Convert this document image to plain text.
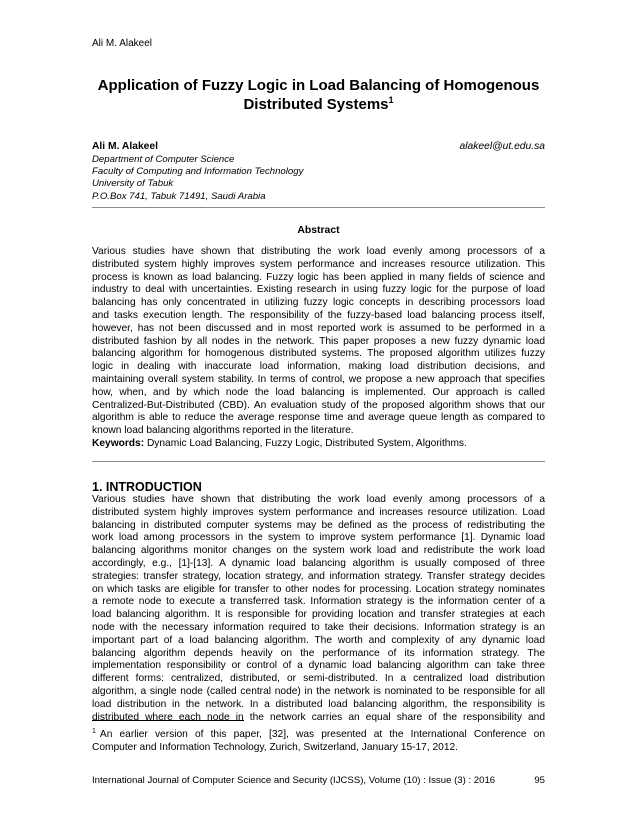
Ali M. Alakeel
Application of Fuzzy Logic in Load Balancing of Homogenous
Distributed Systems$^1$
Ali M. Alakeel	alakeel@ut.edu.sa
Department of Computer Science
Faculty of Computing and Information Technology
University of Tabuk
P.O.Box 741, Tabuk 71491, Saudi Arabia
Abstract
Various studies have shown that distributing the work load evenly among processors of a
distributed system highly improves system performance and increases resource utilization. This
process is known as load balancing. Fuzzy logic has been applied in many fields of science and
industry to deal with uncertainties. Existing research in using fuzzy logic for the purpose of load
balancing has only concentrated in utilizing fuzzy logic concepts in describing processors load
and tasks execution length. The responsibility of the fuzzy-based load balancing process itself,
however, has not been discussed and in most reported work is assumed to be performed in a
distributed fashion by all nodes in the network. This paper proposes a new fuzzy dynamic load
balancing algorithm for homogenous distributed systems. The proposed algorithm utilizes fuzzy
logic in dealing with inaccurate load information, making load distribution decisions, and
maintaining overall system stability. In terms of control, we propose a new approach that specifies
how, when, and by which node the load balancing is implemented. Our approach is called
Centralized-But-Distributed (CBD). An evaluation study of the proposed algorithm shows that our
algorithm is able to reduce the average response time and average queue length as compared to
known load balancing algorithms reported in the literature.
Keywords: Dynamic Load Balancing, Fuzzy Logic, Distributed System, Algorithms.
1. INTRODUCTION
Various studies have shown that distributing the work load evenly among processors of a
distributed system highly improves system performance and increases resource utilization. Load
balancing in distributed computer systems may be defined as the process of redistributing the
work load among processors in the system to improve system performance [1]. Dynamic load
balancing algorithms monitor changes on the system work load and redistribute the work load
accordingly, e.g., [1]-[13]. A dynamic load balancing algorithm is usually composed of three
strategies: transfer strategy, location strategy, and information strategy. Transfer strategy decides
on which tasks are eligible for transfer to other nodes for processing. Location strategy nominates
a remote node to execute a transferred task. Information strategy is the information center of a
load balancing algorithm. It is responsible for providing location and transfer strategies at each
node with the necessary information required to take their decisions. Information strategy is an
important part of a load balancing algorithm. The worth and complexity of any dynamic load
balancing algorithm depends heavily on the performance of its information strategy. The
implementation responsibility or control of a dynamic load balancing algorithm can take three
different forms: centralized, distributed, or semi-distributed. In a centralized load distribution
algorithm, a single node (called central node) in the network is nominated to be responsible for all
load distribution in the network. In a distributed load balancing algorithm, the responsibility is
distributed where each node in the network carries an equal share of the responsibility and
$^1$ An earlier version of this paper, [32], was presented at the International Conference on
Computer and Information Technology, Zurich, Switzerland, January 15-17, 2012.
International Journal of Computer Science and Security (IJCSS), Volume (10) : Issue (3) : 2016	95
